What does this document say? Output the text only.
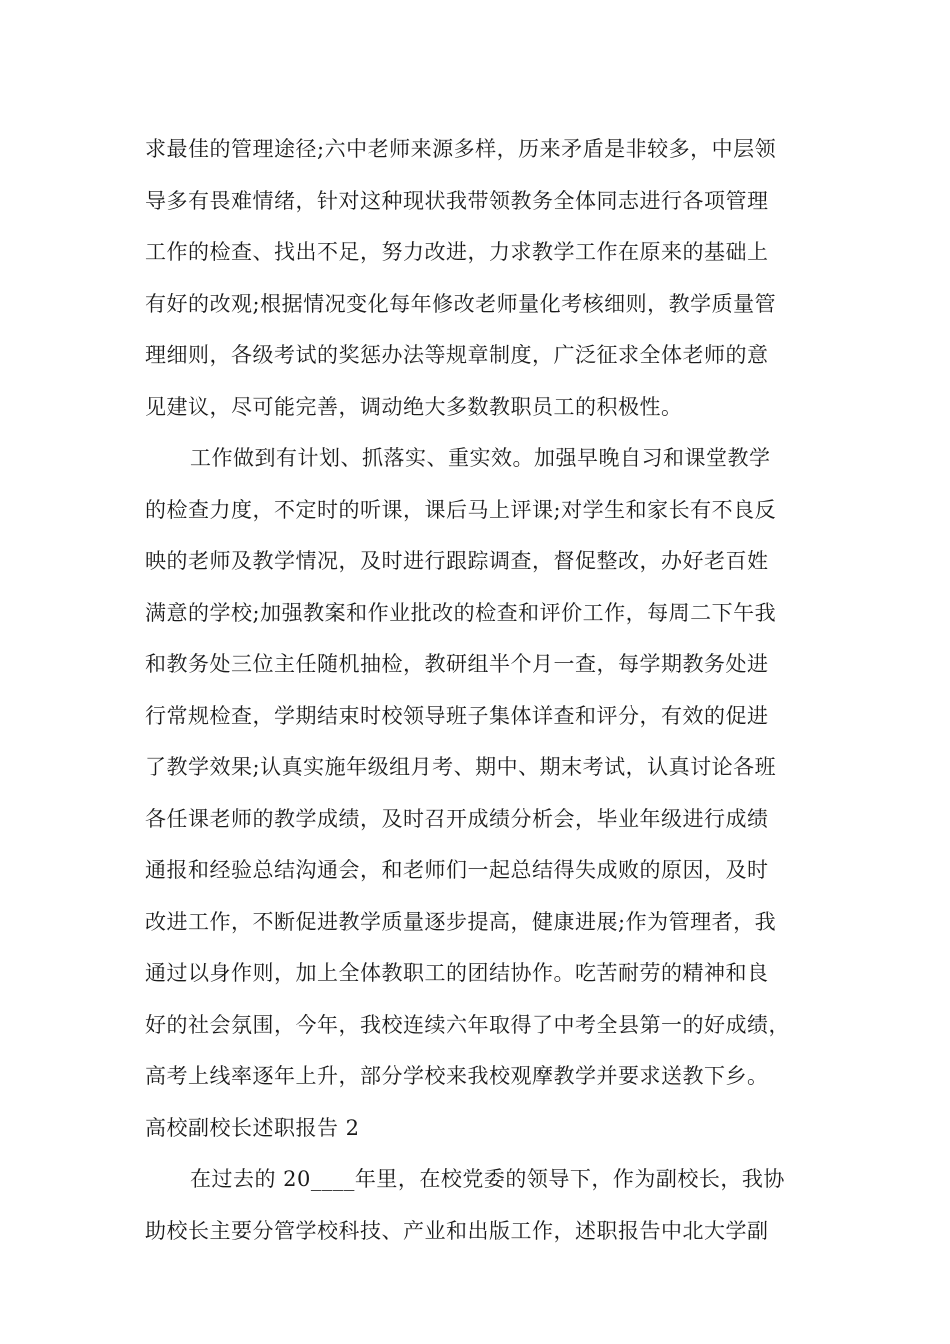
求最佳的管理途径;六中老师来源多样，历来矛盾是非较多，中层领
导多有畏难情绪，针对这种现状我带领教务全体同志进行各项管理
工作的检查、找出不足，努力改进，力求教学工作在原来的基础上
有好的改观;根据情况变化每年修改老师量化考核细则，教学质量管
理细则，各级考试的奖惩办法等规章制度，广泛征求全体老师的意
见建议，尽可能完善，调动绝大多数教职员工的积极性。
工作做到有计划、抓落实、重实效。加强早晚自习和课堂教学
的检查力度，不定时的听课，课后马上评课;对学生和家长有不良反
映的老师及教学情况，及时进行跟踪调查，督促整改，办好老百姓
满意的学校;加强教案和作业批改的检查和评价工作，每周二下午我
和教务处三位主任随机抽检，教研组半个月一查，每学期教务处进
行常规检查，学期结束时校领导班子集体详查和评分，有效的促进
了教学效果;认真实施年级组月考、期中、期末考试，认真讨论各班
各任课老师的教学成绩，及时召开成绩分析会，毕业年级进行成绩
通报和经验总结沟通会，和老师们一起总结得失成败的原因，及时
改进工作，不断促进教学质量逐步提高，健康进展;作为管理者，我
通过以身作则，加上全体教职工的团结协作。吃苦耐劳的精神和良
好的社会氛围，今年，我校连续六年取得了中考全县第一的好成绩，
高考上线率逐年上升，部分学校来我校观摩教学并要求送教下乡。
高校副校长述职报告 2
在过去的 20____年里，在校党委的领导下，作为副校长，我协
助校长主要分管学校科技、产业和出版工作，述职报告中北大学副
